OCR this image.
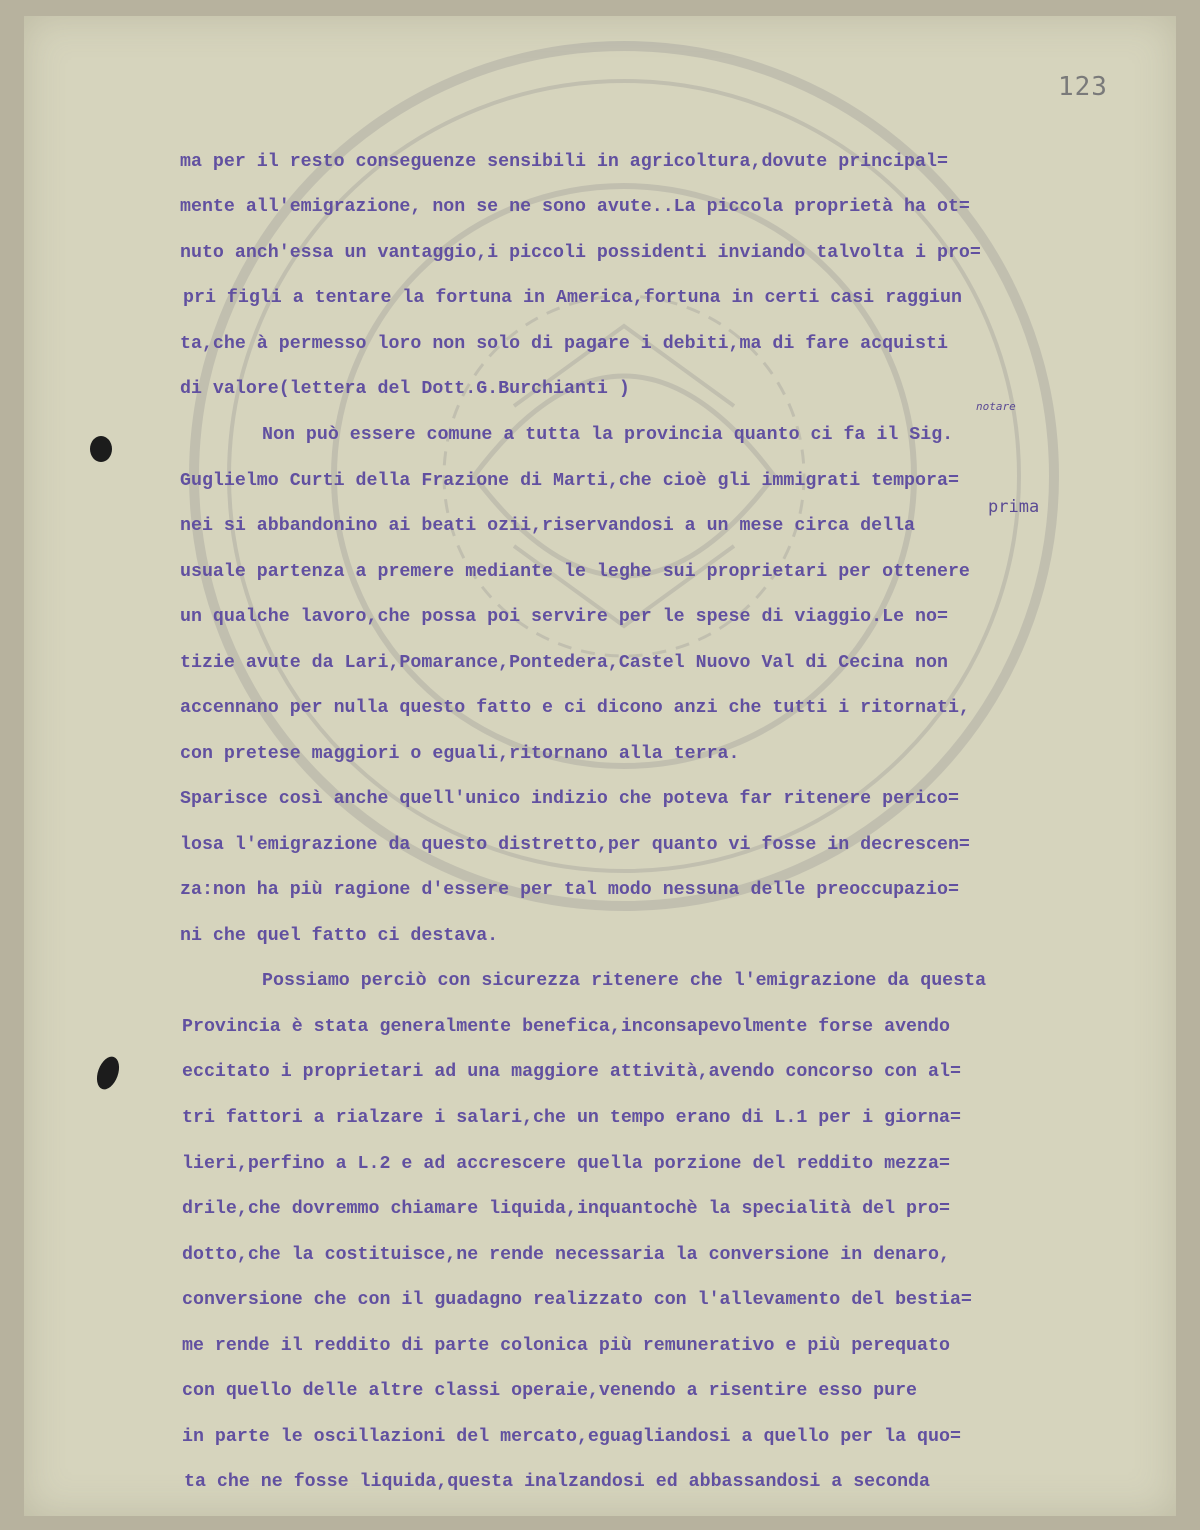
123
notare
prima
ma per il resto conseguenze sensibili in agricoltura,dovute principal=
mente all'emigrazione, non se ne sono avute..La piccola proprietà ha ot=
nuto anch'essa un vantaggio,i piccoli possidenti inviando talvolta i pro=
pri figli a tentare la fortuna in America,fortuna in certi casi raggiun
ta,che à permesso loro non solo di pagare i debiti,ma di fare acquisti
di valore(lettera del Dott.G.Burchianti )
Non può essere comune a tutta la provincia quanto ci fa il Sig.
Guglielmo Curti della Frazione di Marti,che cioè gli immigrati tempora=
nei si abbandonino ai beati ozii,riservandosi a un mese circa della
usuale partenza a premere mediante le leghe sui proprietari per ottenere
un qualche lavoro,che possa poi servire per le spese di viaggio.Le no=
tizie avute da Lari,Pomarance,Pontedera,Castel Nuovo Val di Cecina non
accennano per nulla questo fatto e ci dicono anzi che tutti i ritornati,
con pretese maggiori o eguali,ritornano alla terra.
Sparisce così anche quell'unico indizio che poteva far ritenere perico=
losa l'emigrazione da questo distretto,per quanto vi fosse in decrescen=
za:non ha più ragione d'essere per tal modo nessuna delle preoccupazio=
ni che quel fatto ci destava.
Possiamo perciò con sicurezza ritenere che l'emigrazione da questa
Provincia è stata generalmente benefica,inconsapevolmente forse avendo
eccitato i proprietari ad una maggiore attività,avendo concorso con al=
tri fattori a rialzare i salari,che un tempo erano di L.1 per i giorna=
lieri,perfino a L.2 e ad accrescere quella porzione del reddito mezza=
drile,che dovremmo chiamare liquida,inquantochè la specialità del pro=
dotto,che la costituisce,ne rende necessaria la conversione in denaro,
conversione che con il guadagno realizzato con l'allevamento del bestia=
me rende il reddito di parte colonica più remunerativo e più perequato
con quello delle altre classi operaie,venendo a risentire esso pure
in parte le oscillazioni del mercato,eguagliandosi a quello per la quo=
ta che ne fosse liquida,questa inalzandosi ed abbassandosi a seconda
